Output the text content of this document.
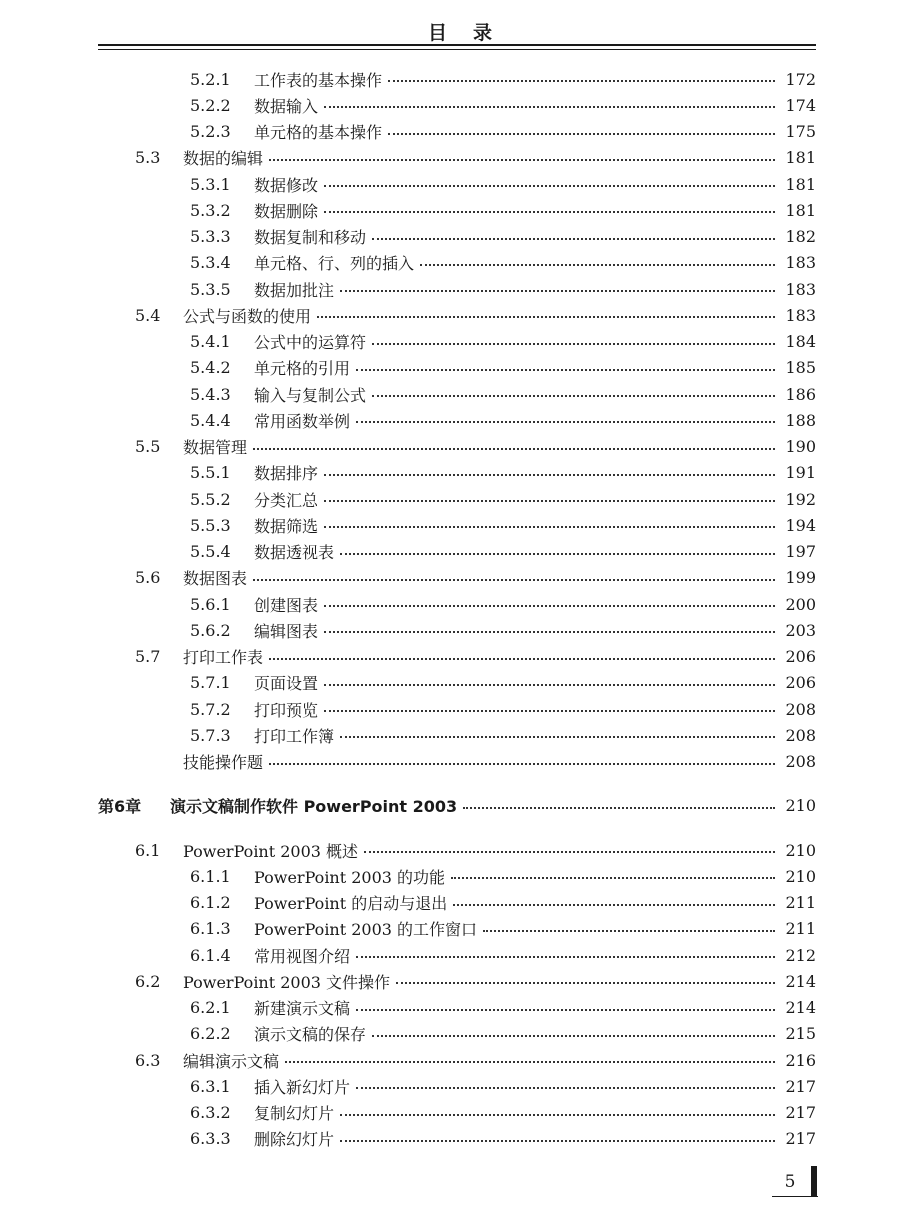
目录
5.2.1	工作表的基本操作	172
5.2.2	数据输入	174
5.2.3	单元格的基本操作	175
5.3	数据的编辑	181
5.3.1	数据修改	181
5.3.2	数据删除	181
5.3.3	数据复制和移动	182
5.3.4	单元格、行、列的插入	183
5.3.5	数据加批注	183
5.4	公式与函数的使用	183
5.4.1	公式中的运算符	184
5.4.2	单元格的引用	185
5.4.3	输入与复制公式	186
5.4.4	常用函数举例	188
5.5	数据管理	190
5.5.1	数据排序	191
5.5.2	分类汇总	192
5.5.3	数据筛选	194
5.5.4	数据透视表	197
5.6	数据图表	199
5.6.1	创建图表	200
5.6.2	编辑图表	203
5.7	打印工作表	206
5.7.1	页面设置	206
5.7.2	打印预览	208
5.7.3	打印工作簿	208
技能操作题	208
第6章	演示文稿制作软件 PowerPoint 2003	210
6.1	PowerPoint 2003 概述	210
6.1.1	PowerPoint 2003 的功能	210
6.1.2	PowerPoint 的启动与退出	211
6.1.3	PowerPoint 2003 的工作窗口	211
6.1.4	常用视图介绍	212
6.2	PowerPoint 2003 文件操作	214
6.2.1	新建演示文稿	214
6.2.2	演示文稿的保存	215
6.3	编辑演示文稿	216
6.3.1	插入新幻灯片	217
6.3.2	复制幻灯片	217
6.3.3	删除幻灯片	217
5
